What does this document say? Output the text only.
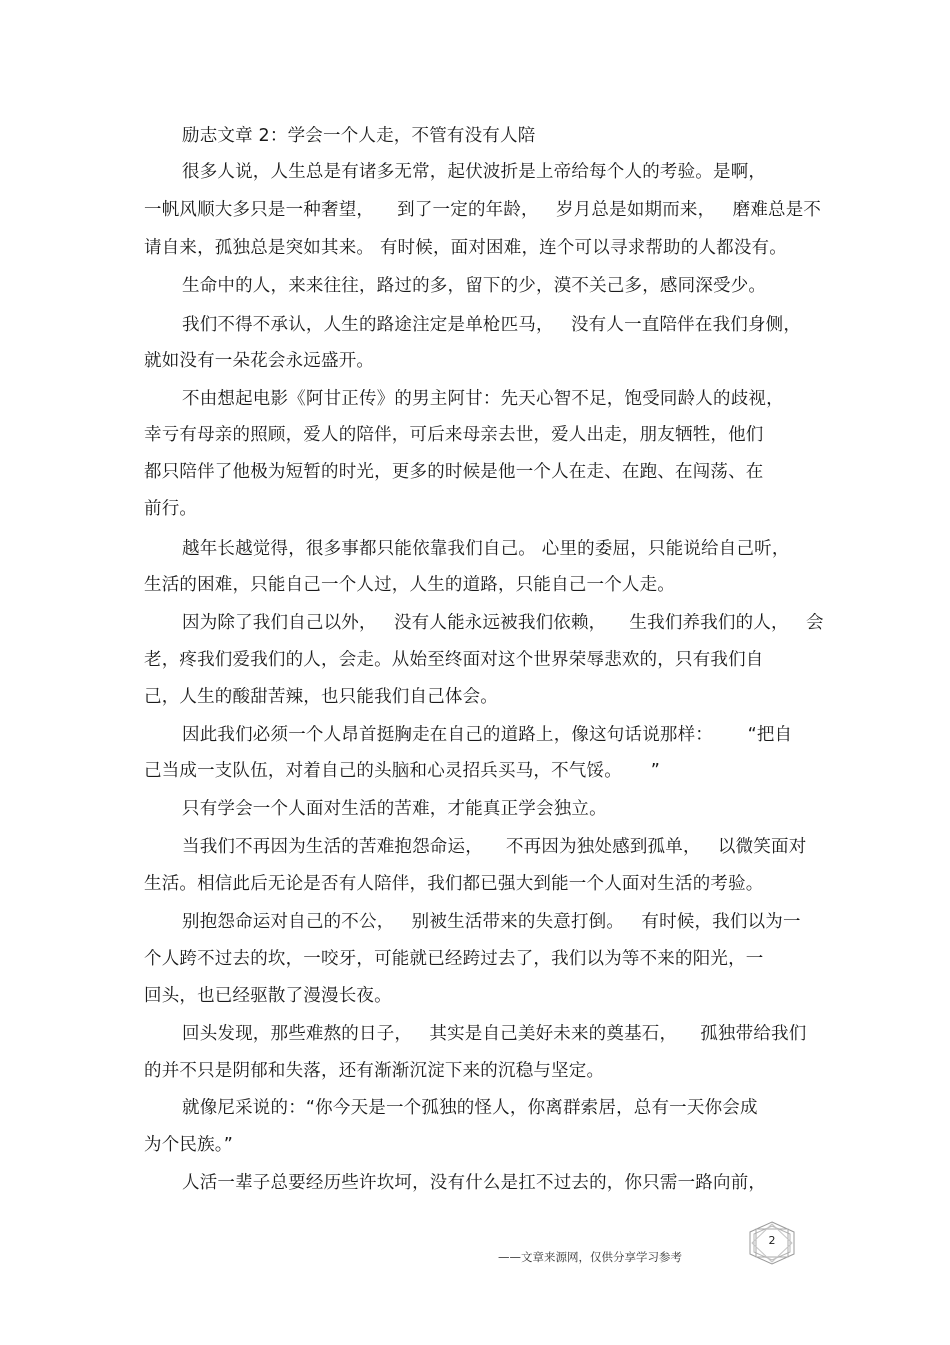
励志文章 2：学会一个人走，不管有没有人陪
很多人说，人生总是有诸多无常，起伏波折是上帝给每个人的考验。是啊，
一帆风顺大多只是一种奢望，    到了一定的年龄，   岁月总是如期而来，   磨难总是不
请自来，孤独总是突如其来。 有时候，面对困难，连个可以寻求帮助的人都没有。
生命中的人，来来往往，路过的多，留下的少，漠不关己多，感同深受少。
我们不得不承认，人生的路途注定是单枪匹马，   没有人一直陪伴在我们身侧，
就如没有一朵花会永远盛开。
不由想起电影《阿甘正传》的男主阿甘：先天心智不足，饱受同龄人的歧视，
幸亏有母亲的照顾，爱人的陪伴，可后来母亲去世，爱人出走，朋友牺牲，他们
都只陪伴了他极为短暂的时光，更多的时候是他一个人在走、在跑、在闯荡、在
前行。
越年长越觉得，很多事都只能依靠我们自己。 心里的委屈，只能说给自己听，
生活的困难，只能自己一个人过，人生的道路，只能自己一个人走。
因为除了我们自己以外，   没有人能永远被我们依赖，    生我们养我们的人，   会
老，疼我们爱我们的人，会走。从始至终面对这个世界荣辱悲欢的，只有我们自
己，人生的酸甜苦辣，也只能我们自己体会。
因此我们必须一个人昂首挺胸走在自己的道路上，像这句话说那样：      “把自
己当成一支队伍，对着自己的头脑和心灵招兵买马，不气馁。     ”
只有学会一个人面对生活的苦难，才能真正学会独立。
当我们不再因为生活的苦难抱怨命运，    不再因为独处感到孤单，   以微笑面对
生活。相信此后无论是否有人陪伴，我们都已强大到能一个人面对生活的考验。
别抱怨命运对自己的不公，   别被生活带来的失意打倒。   有时候，我们以为一
个人跨不过去的坎，一咬牙，可能就已经跨过去了，我们以为等不来的阳光，一
回头，也已经驱散了漫漫长夜。
回头发现，那些难熬的日子，   其实是自己美好未来的奠基石，    孤独带给我们
的并不只是阴郁和失落，还有渐渐沉淀下来的沉稳与坚定。
就像尼采说的：“你今天是一个孤独的怪人，你离群索居，总有一天你会成
为个民族。”
人活一辈子总要经历些许坎坷，没有什么是扛不过去的，你只需一路向前，
2
——文章来源网，仅供分享学习参考
